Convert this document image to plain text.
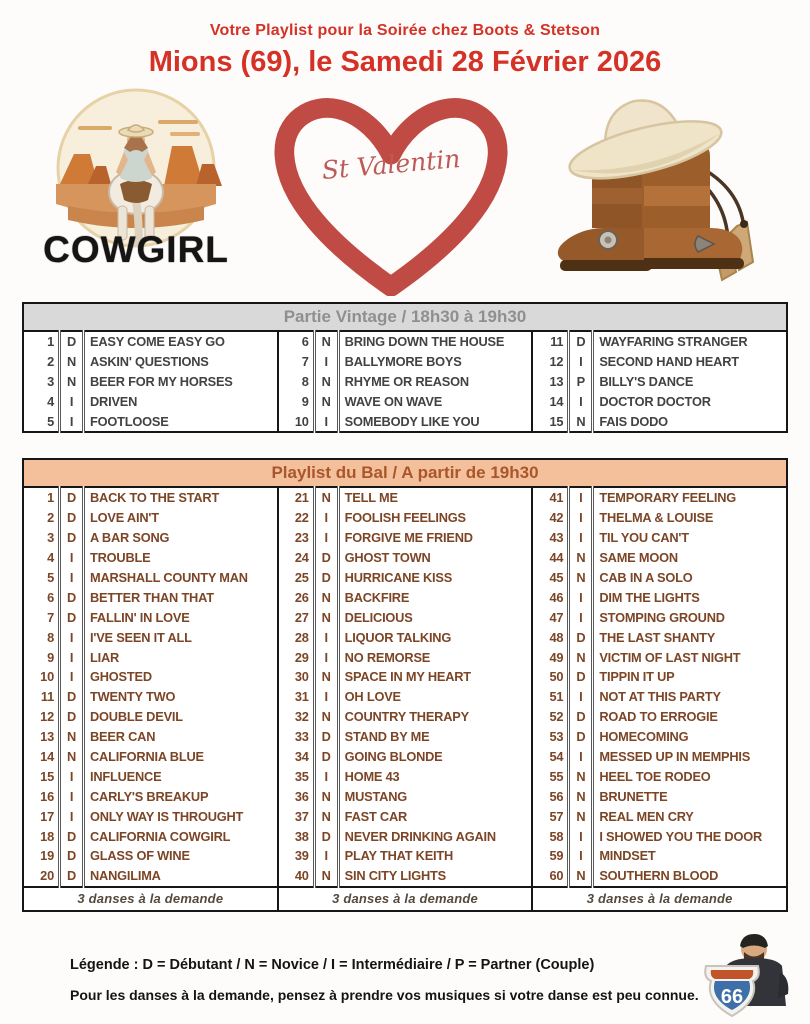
Votre Playlist pour la Soirée chez Boots & Stetson
Mions (69), le Samedi 28 Février 2026
COWGIRL
St Valentin
Partie Vintage / 18h30 à 19h30
1	D	EASY COME EASY GO
2	N	ASKIN' QUESTIONS
3	N	BEER FOR MY HORSES
4	I	DRIVEN
5	I	FOOTLOOSE
6	N	BRING DOWN THE HOUSE
7	I	BALLYMORE BOYS
8	N	RHYME OR REASON
9	N	WAVE ON WAVE
10	I	SOMEBODY LIKE YOU
11	D	WAYFARING STRANGER
12	I	SECOND HAND HEART
13	P	BILLY'S DANCE
14	I	DOCTOR DOCTOR
15	N	FAIS DODO
Playlist du Bal / A partir de 19h30
1	D	BACK TO THE START
2	D	LOVE AIN'T
3	D	A BAR SONG
4	I	TROUBLE
5	I	MARSHALL COUNTY MAN
6	D	BETTER THAN THAT
7	D	FALLIN' IN LOVE
8	I	I'VE SEEN IT ALL
9	I	LIAR
10	I	GHOSTED
11	D	TWENTY TWO
12	D	DOUBLE DEVIL
13	N	BEER CAN
14	N	CALIFORNIA BLUE
15	I	INFLUENCE
16	I	CARLY'S BREAKUP
17	I	ONLY WAY IS THROUGHT
18	D	CALIFORNIA COWGIRL
19	D	GLASS OF WINE
20	D	NANGILIMA
3 danses à la demande		
21	N	TELL ME
22	I	FOOLISH FEELINGS
23	I	FORGIVE ME FRIEND
24	D	GHOST TOWN
25	D	HURRICANE KISS
26	N	BACKFIRE
27	N	DELICIOUS
28	I	LIQUOR TALKING
29	I	NO REMORSE
30	N	SPACE IN MY HEART
31	I	OH LOVE
32	N	COUNTRY THERAPY
33	D	STAND BY ME
34	D	GOING BLONDE
35	I	HOME 43
36	N	MUSTANG
37	N	FAST CAR
38	D	NEVER DRINKING AGAIN
39	I	PLAY THAT KEITH
40	N	SIN CITY LIGHTS
3 danses à la demande		
41	I	TEMPORARY FEELING
42	I	THELMA & LOUISE
43	I	TIL YOU CAN'T
44	N	SAME MOON
45	N	CAB IN A SOLO
46	I	DIM THE LIGHTS
47	I	STOMPING GROUND
48	D	THE LAST SHANTY
49	N	VICTIM OF LAST NIGHT
50	D	TIPPIN IT UP
51	I	NOT AT THIS PARTY
52	D	ROAD TO ERROGIE
53	D	HOMECOMING
54	I	MESSED UP IN MEMPHIS
55	N	HEEL TOE RODEO
56	N	BRUNETTE
57	N	REAL MEN CRY
58	I	I SHOWED YOU THE DOOR
59	I	MINDSET
60	N	SOUTHERN BLOOD
3 danses à la demande		
Légende : D = Débutant / N = Novice / I = Intermédiaire / P = Partner (Couple)
Pour les danses à la demande, pensez à prendre vos musiques si votre danse est peu connue. 66
